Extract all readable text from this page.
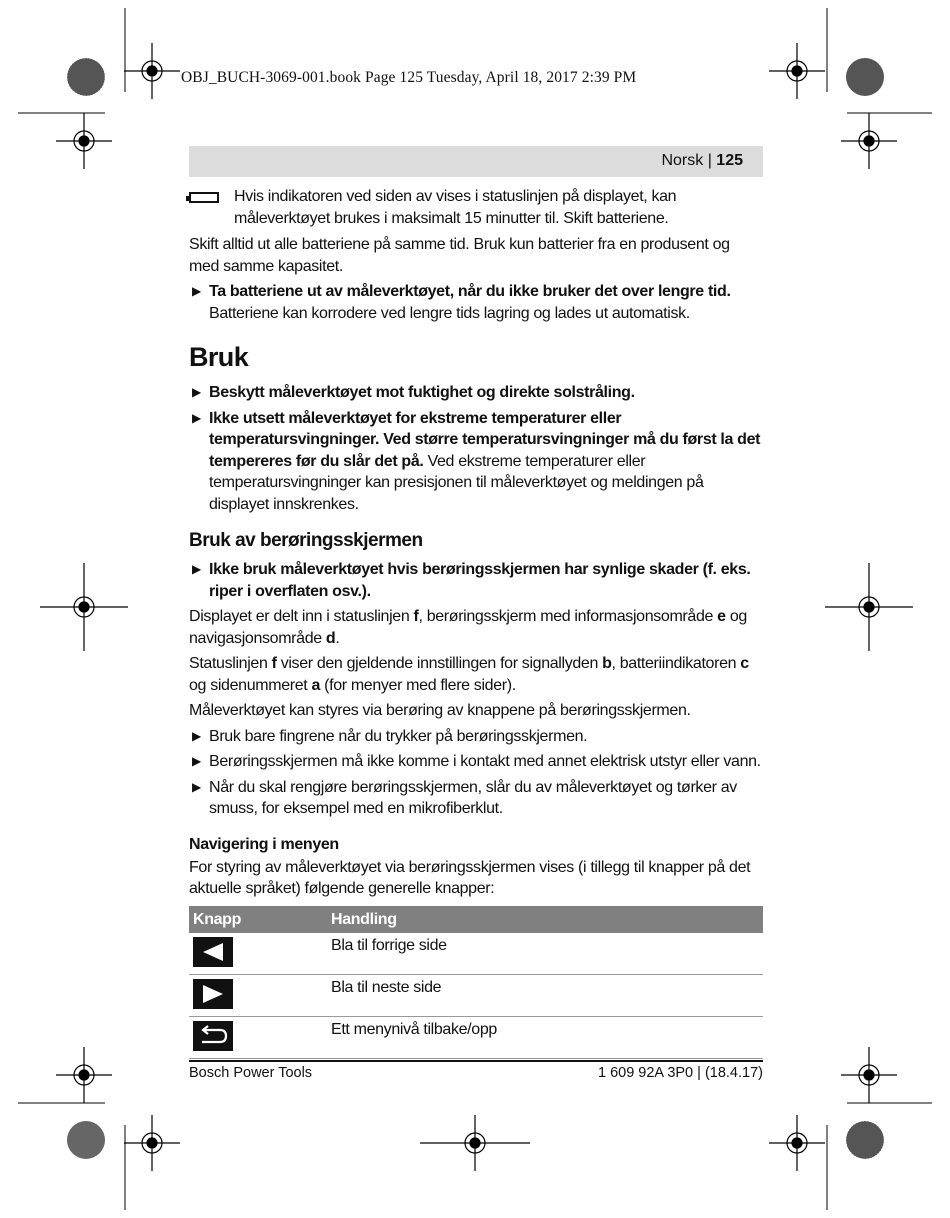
OBJ_BUCH-3069-001.book Page 125 Tuesday, April 18, 2017 2:39 PM
Norsk | 125
Hvis indikatoren ved siden av vises i statuslinjen på displayet, kan måleverktøyet brukes i maksimalt 15 minutter til. Skift batteriene.

Skift alltid ut alle batteriene på samme tid. Bruk kun batterier fra en produsent og med samme kapasitet.

▶ Ta batteriene ut av måleverktøyet, når du ikke bruker det over lengre tid.
Batteriene kan korrodere ved lengre tids lagring og lades ut automatisk.
Bruk
▶ Beskytt måleverktøyet mot fuktighet og direkte solstråling.
▶ Ikke utsett måleverktøyet for ekstreme temperaturer eller temperatursvingninger. Ved større temperatursvingninger må du først la det tempereres før du slår det på. Ved ekstreme temperaturer eller temperatursvingninger kan presisjonen til måleverktøyet og meldingen på displayet innskrenkes.
Bruk av berøringsskjermen
▶ Ikke bruk måleverktøyet hvis berøringsskjermen har synlige skader (f. eks. riper i overflaten osv.).

Displayet er delt inn i statuslinjen f, berøringsskjerm med informasjonsområde e og navigasjonsområde d.

Statuslinjen f viser den gjeldende innstillingen for signallyden b, batteriindikatoren c og sidenummeret a (for menyer med flere sider).

Måleverktøyet kan styres via berøring av knappene på berøringsskjermen.

▶ Bruk bare fingrene når du trykker på berøringsskjermen.
▶ Berøringsskjermen må ikke komme i kontakt med annet elektrisk utstyr eller vann.
▶ Når du skal rengjøre berøringsskjermen, slår du av måleverktøyet og tørker av smuss, for eksempel med en mikrofiberklut.
Navigering i menyen

For styring av måleverktøyet via berøringsskjermen vises (i tillegg til knapper på det aktuelle språket) følgende generelle knapper:

Knapp	Handling

	Bla til forrige side

	Bla til neste side

	Ett menynivå tilbake/opp
Bosch Power Tools	1 609 92A 3P0 | (18.4.17)
